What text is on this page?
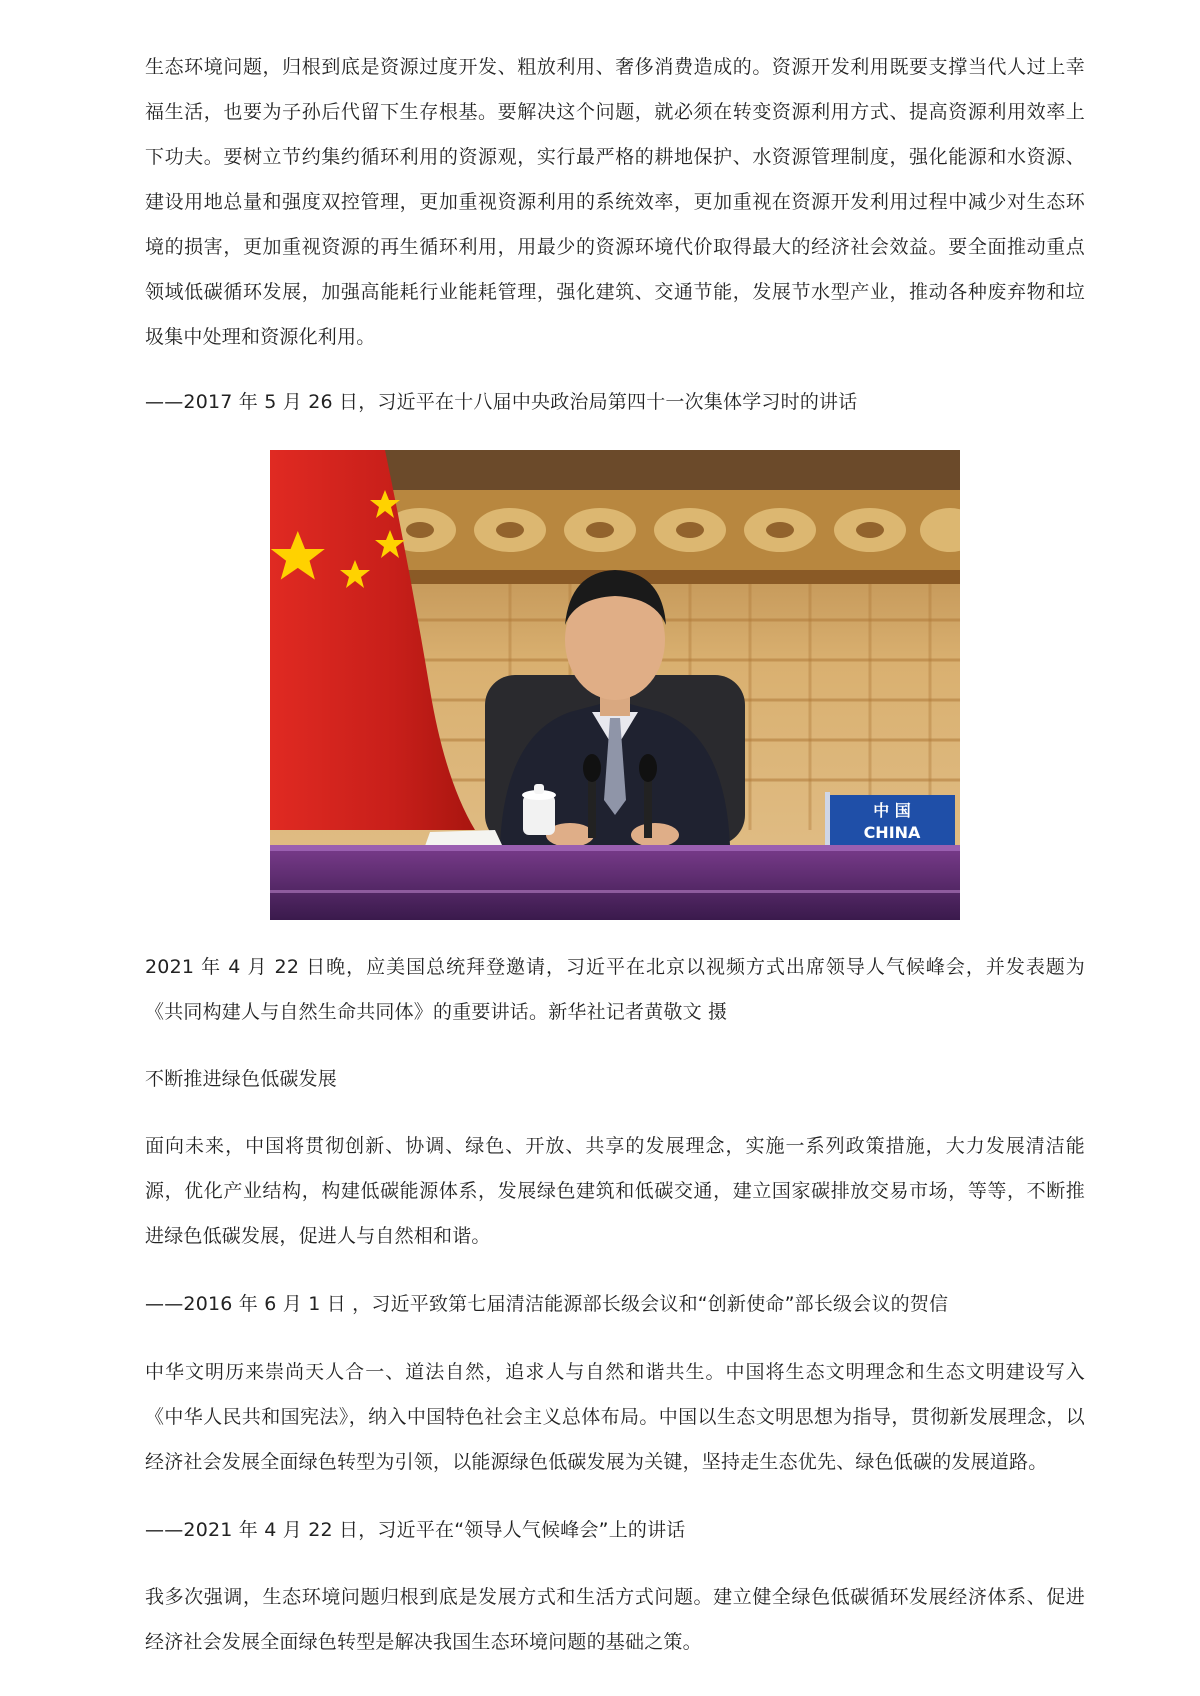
生态环境问题，归根到底是资源过度开发、粗放利用、奢侈消费造成的。资源开发利用既要支撑当代人过上幸福生活，也要为子孙后代留下生存根基。要解决这个问题，就必须在转变资源利用方式、提高资源利用效率上下功夫。要树立节约集约循环利用的资源观，实行最严格的耕地保护、水资源管理制度，强化能源和水资源、建设用地总量和强度双控管理，更加重视资源利用的系统效率，更加重视在资源开发利用过程中减少对生态环境的损害，更加重视资源的再生循环利用，用最少的资源环境代价取得最大的经济社会效益。要全面推动重点领域低碳循环发展，加强高能耗行业能耗管理，强化建筑、交通节能，发展节水型产业，推动各种废弃物和垃圾集中处理和资源化利用。

——2017 年 5 月 26 日，习近平在十八届中央政治局第四十一次集体学习时的讲话

中 国
CHINA

2021 年 4 月 22 日晚，应美国总统拜登邀请，习近平在北京以视频方式出席领导人气候峰会，并发表题为《共同构建人与自然生命共同体》的重要讲话。新华社记者黄敬文 摄

不断推进绿色低碳发展

面向未来，中国将贯彻创新、协调、绿色、开放、共享的发展理念，实施一系列政策措施，大力发展清洁能源，优化产业结构，构建低碳能源体系，发展绿色建筑和低碳交通，建立国家碳排放交易市场，等等，不断推进绿色低碳发展，促进人与自然相和谐。

——2016 年 6 月 1 日 ，习近平致第七届清洁能源部长级会议和“创新使命”部长级会议的贺信

中华文明历来崇尚天人合一、道法自然，追求人与自然和谐共生。中国将生态文明理念和生态文明建设写入《中华人民共和国宪法》，纳入中国特色社会主义总体布局。中国以生态文明思想为指导，贯彻新发展理念，以经济社会发展全面绿色转型为引领，以能源绿色低碳发展为关键，坚持走生态优先、绿色低碳的发展道路。

——2021 年 4 月 22 日，习近平在“领导人气候峰会”上的讲话

我多次强调，生态环境问题归根到底是发展方式和生活方式问题。建立健全绿色低碳循环发展经济体系、促进经济社会发展全面绿色转型是解决我国生态环境问题的基础之策。
